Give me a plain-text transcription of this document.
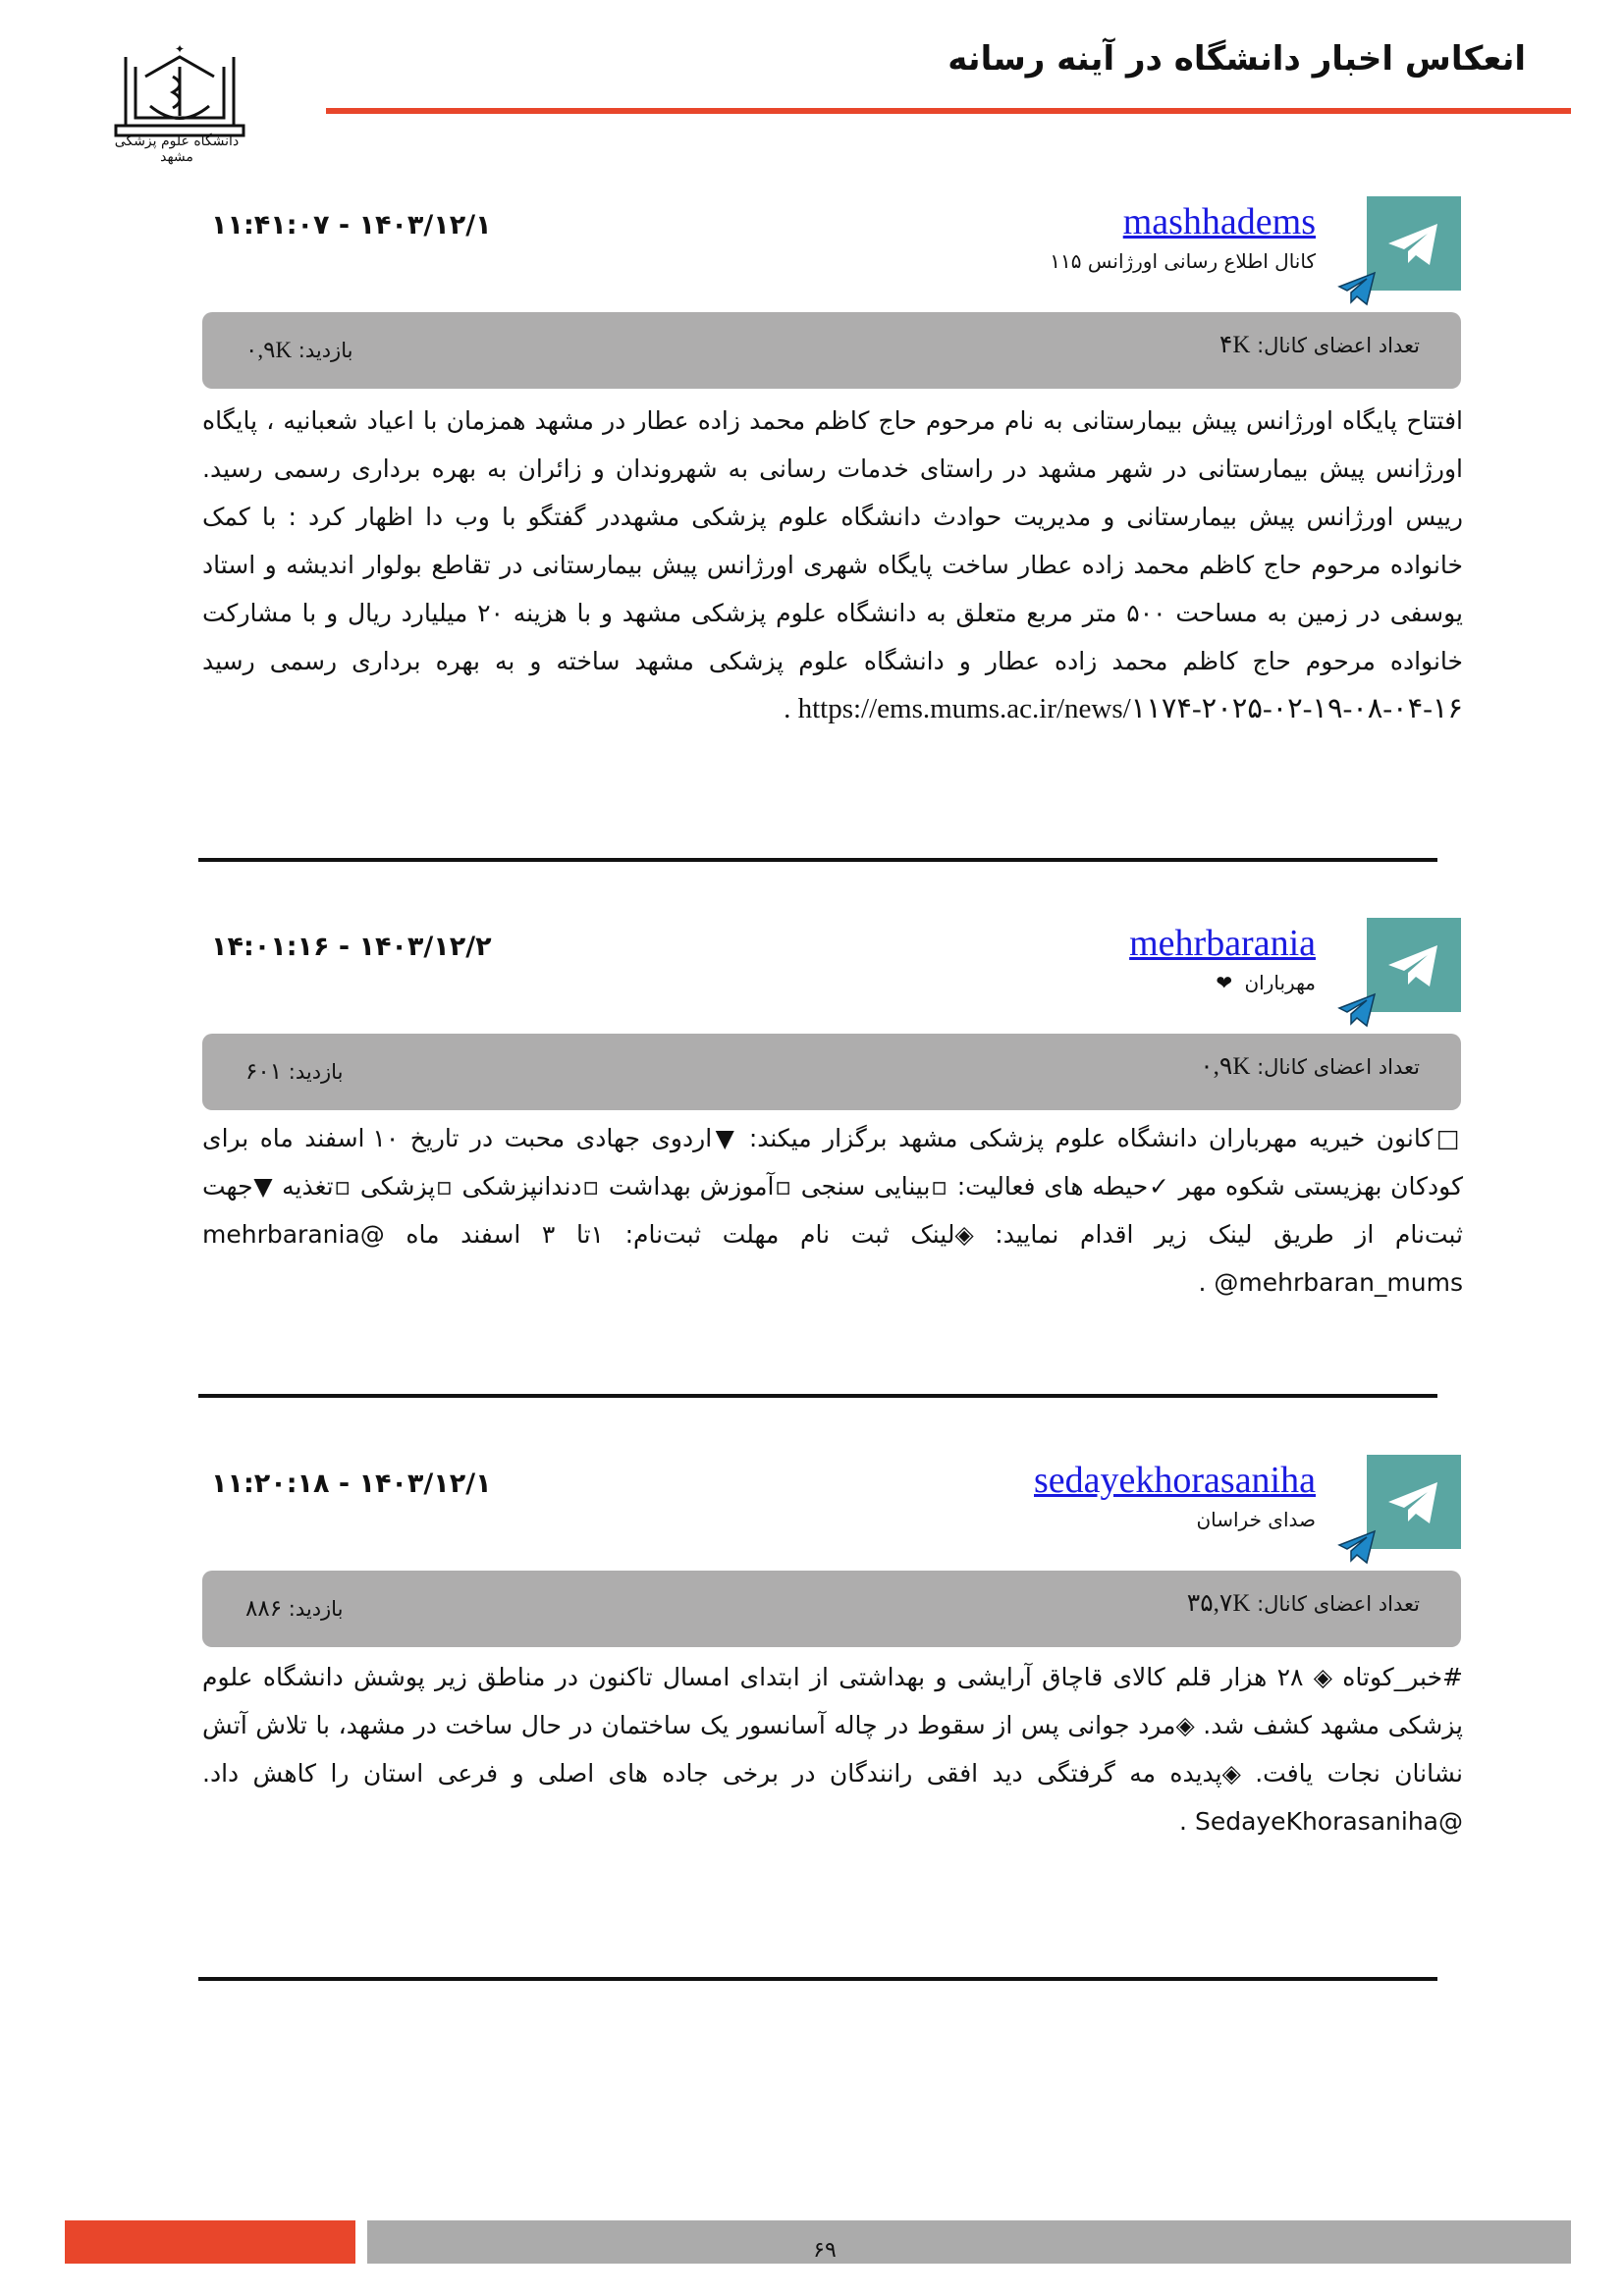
انعکاس اخبار دانشگاه در آینه رسانه
✦
دانشگاه علوم پزشکی مشهد
mashhadems
کانال اطلاع رسانی اورژانس ۱۱۵
۱۱:۴۱:۰۷ - ۱۴۰۳/۱۲/۱
تعداد اعضای کانال: ۴K
بازدید: ۰,۹K
افتتاح پایگاه اورژانس پیش بیمارستانی به نام مرحوم حاج کاظم محمد زاده عطار در مشهد همزمان با اعیاد شعبانیه ، پایگاه اورژانس پیش بیمارستانی در شهر مشهد در راستای خدمات رسانی به شهروندان و زائران به بهره برداری رسمی رسید. رییس اورژانس پیش بیمارستانی و مدیریت حوادث دانشگاه علوم پزشکی مشهددر گفتگو با وب دا اظهار کرد : با کمک خانواده مرحوم حاج کاظم محمد زاده عطار ساخت پایگاه شهری اورژانس پیش بیمارستانی در تقاطع بولوار اندیشه و استاد یوسفی در زمین به مساحت ۵۰۰ متر مربع متعلق به دانشگاه علوم پزشکی مشهد و با هزینه ۲۰ میلیارد ریال و با مشارکت خانواده مرحوم حاج کاظم محمد زاده عطار و دانشگاه علوم پزشکی مشهد ساخته و به بهره برداری رسمی رسید https://ems.mums.ac.ir/news/۱۱۷۴-۲۰۲۵-۰۲-۱۹-۰۸-۰۴-۱۶ .
mehrbarania
مهرباران ❤
۱۴:۰۱:۱۶ - ۱۴۰۳/۱۲/۲
تعداد اعضای کانال: ۰,۹K
بازدید: ۶۰۱
□کانون خیریه مهرباران دانشگاه علوم پزشکی مشهد برگزار میکند: ▼اردوی جهادی محبت در تاریخ ۱۰ اسفند ماه برای کودکان بهزیستی شکوه مهر ✓حیطه های فعالیت: ▫بینایی سنجی ▫آموزش بهداشت ▫دندانپزشکی ▫پزشکی ▫تغذیه ▼جهت ثبت‌نام از طریق لینک زیر اقدام نمایید: ◈لینک ثبت نام مهلت ثبت‌نام: ۱تا ۳ اسفند ماه @mehrbarania @mehrbaran_mums .
sedayekhorasaniha
صدای خراسان
۱۱:۲۰:۱۸ - ۱۴۰۳/۱۲/۱
تعداد اعضای کانال: ۳۵,۷K
بازدید: ۸۸۶
#خبر_کوتاه ◈ ۲۸ هزار قلم کالای قاچاق آرایشی و بهداشتی از ابتدای امسال تاکنون در مناطق زیر پوشش دانشگاه علوم پزشکی مشهد کشف شد. ◈مرد جوانی پس از سقوط در چاله آسانسور یک ساختمان در حال ساخت در مشهد، با تلاش آتش نشانان نجات یافت. ◈پدیده مه گرفتگی دید افقی رانندگان در برخی جاده های اصلی و فرعی استان را کاهش داد. @SedayeKhorasaniha .
۶۹
